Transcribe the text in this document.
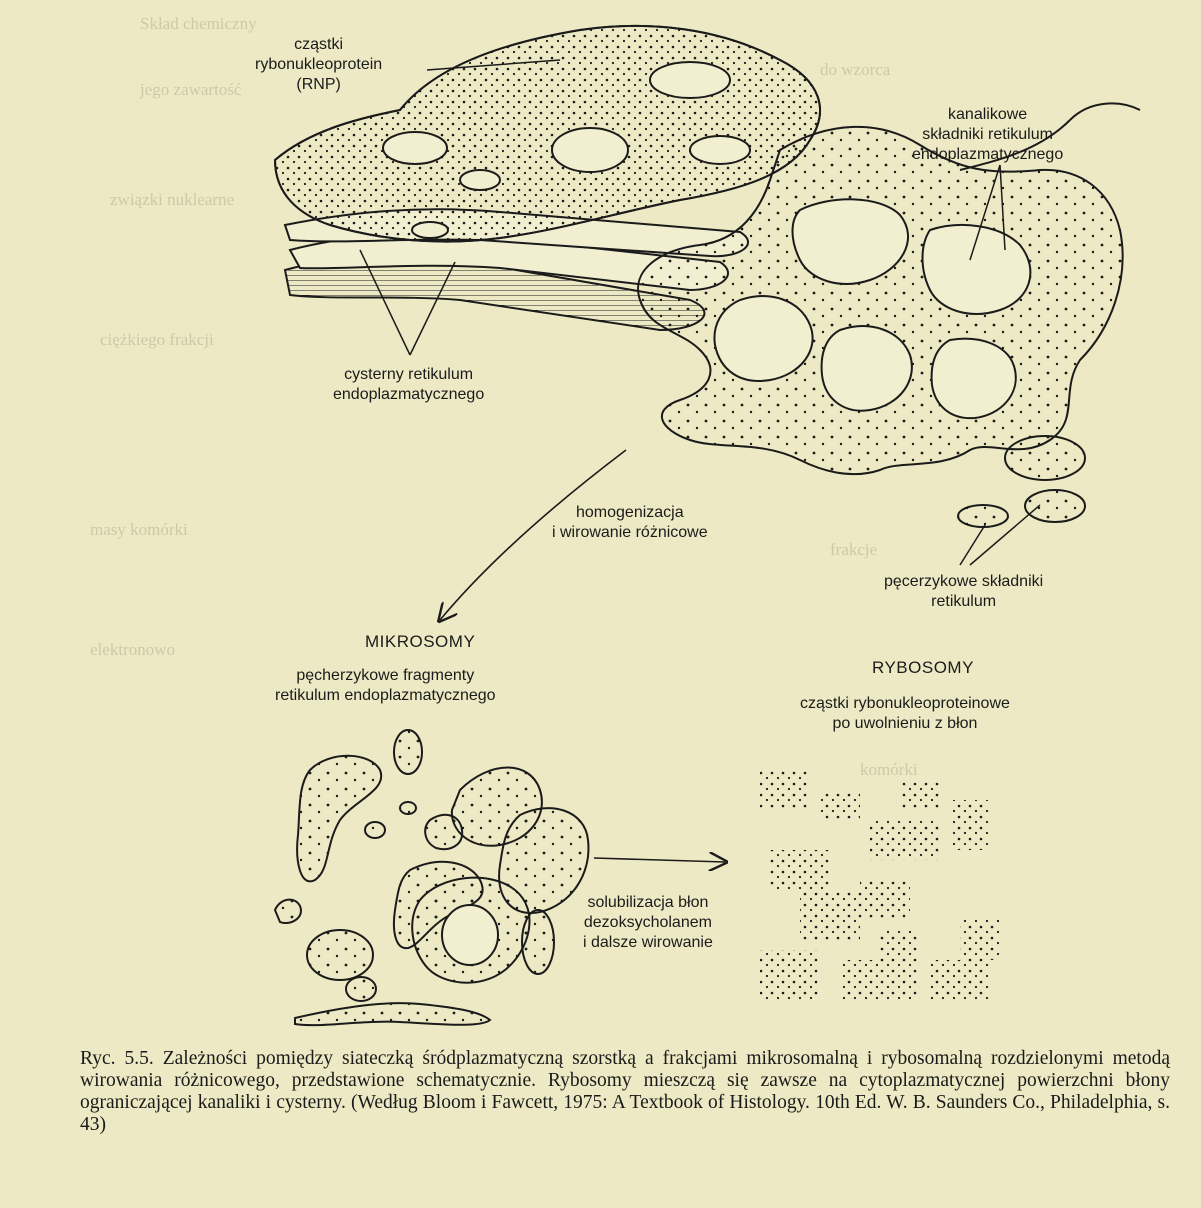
Skład chemiczny
jego zawartość
związki nuklearne
ciężkiego frakcji
masy komórki
elektronowo
do wzorca
frakcje
komórki
cząstki
rybonukleoprotein
(RNP)
kanalikowe
składniki retikulum
endoplazmatycznego
cysterny retikulum
endoplazmatycznego
homogenizacja
i wirowanie różnicowe
pęcerzykowe składniki
retikulum
MIKROSOMY
pęcherzykowe fragmenty
retikulum endoplazmatycznego
RYBOSOMY
cząstki rybonukleoproteinowe
po uwolnieniu z błon
solubilizacja błon
dezoksycholanem
i dalsze wirowanie
Ryc. 5.5. Zależności pomiędzy siateczką śródplazmatyczną szorstką a frakcjami mikrosomalną i rybosomalną rozdzielonymi metodą wirowania różnicowego, przedstawione schematycznie. Rybosomy mieszczą się zawsze na cytoplazmatycznej powierzchni błony ograniczającej kanaliki i cysterny. (Według Bloom i Fawcett, 1975: A Textbook of Histology. 10th Ed. W. B. Saunders Co., Philadelphia, s. 43)
